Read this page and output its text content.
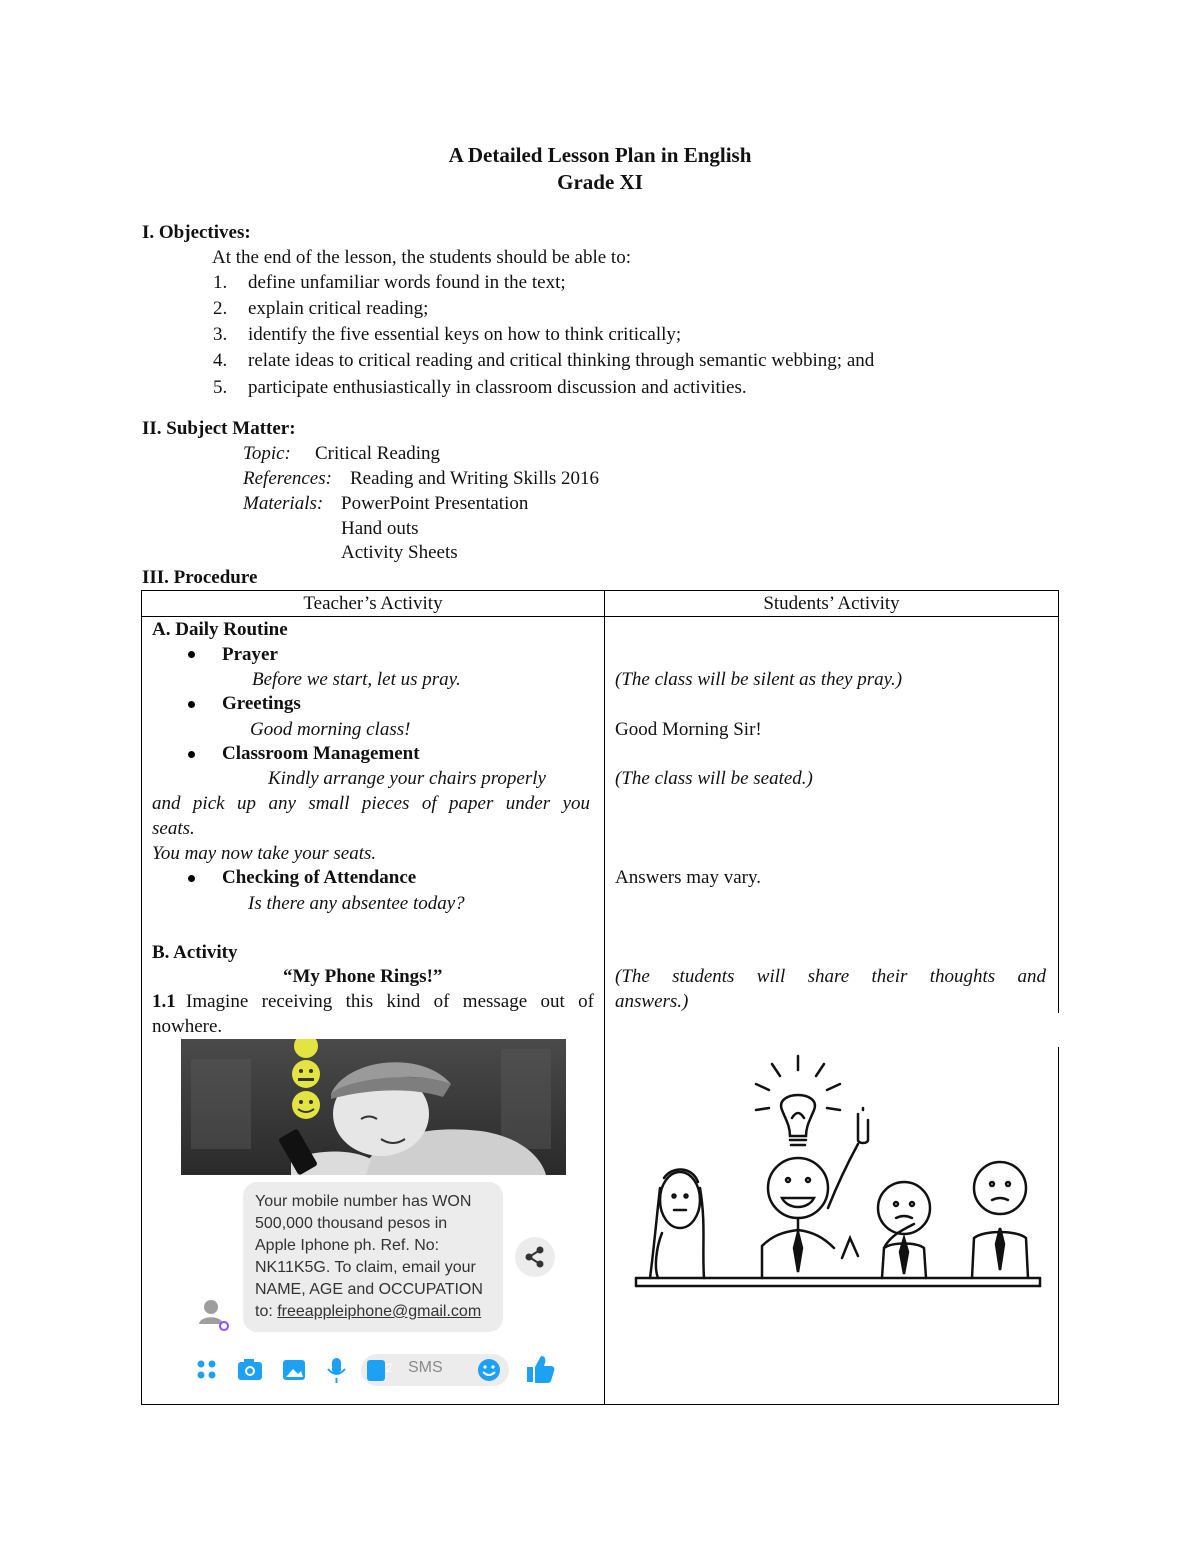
A Detailed Lesson Plan in English
Grade XI
I. Objectives:
At the end of the lesson, the students should be able to:
1. define unfamiliar words found in the text;
2. explain critical reading;
3. identify the five essential keys on how to think critically;
4. relate ideas to critical reading and critical thinking through semantic webbing; and
5. participate enthusiastically in classroom discussion and activities.
II. Subject Matter:
Topic: Critical Reading
References: Reading and Writing Skills 2016
Materials: PowerPoint Presentation
Hand outs
Activity Sheets
III. Procedure
Teacher’s Activity	Students’ Activity
A. Daily Routine
Prayer
Before we start, let us pray.
Greetings
Good morning class!
Classroom Management
Kindly arrange your chairs properly
and pick up any small pieces of paper under you
seats.
You may now take your seats.
Checking of Attendance
Is there any absentee today?
B. Activity
“My Phone Rings!”
1.1 Imagine receiving this kind of message out of
nowhere.
(The class will be silent as they pray.)
Good Morning Sir!
(The class will be seated.)
Answers may vary.
(The students will share their thoughts and
answers.)
Your mobile number has WON
500,000 thousand pesos in
Apple Iphone ph. Ref. No:
NK11K5G. To claim, email your
NAME, AGE and OCCUPATION
to: freeappleiphone@gmail.com
2 SMS
